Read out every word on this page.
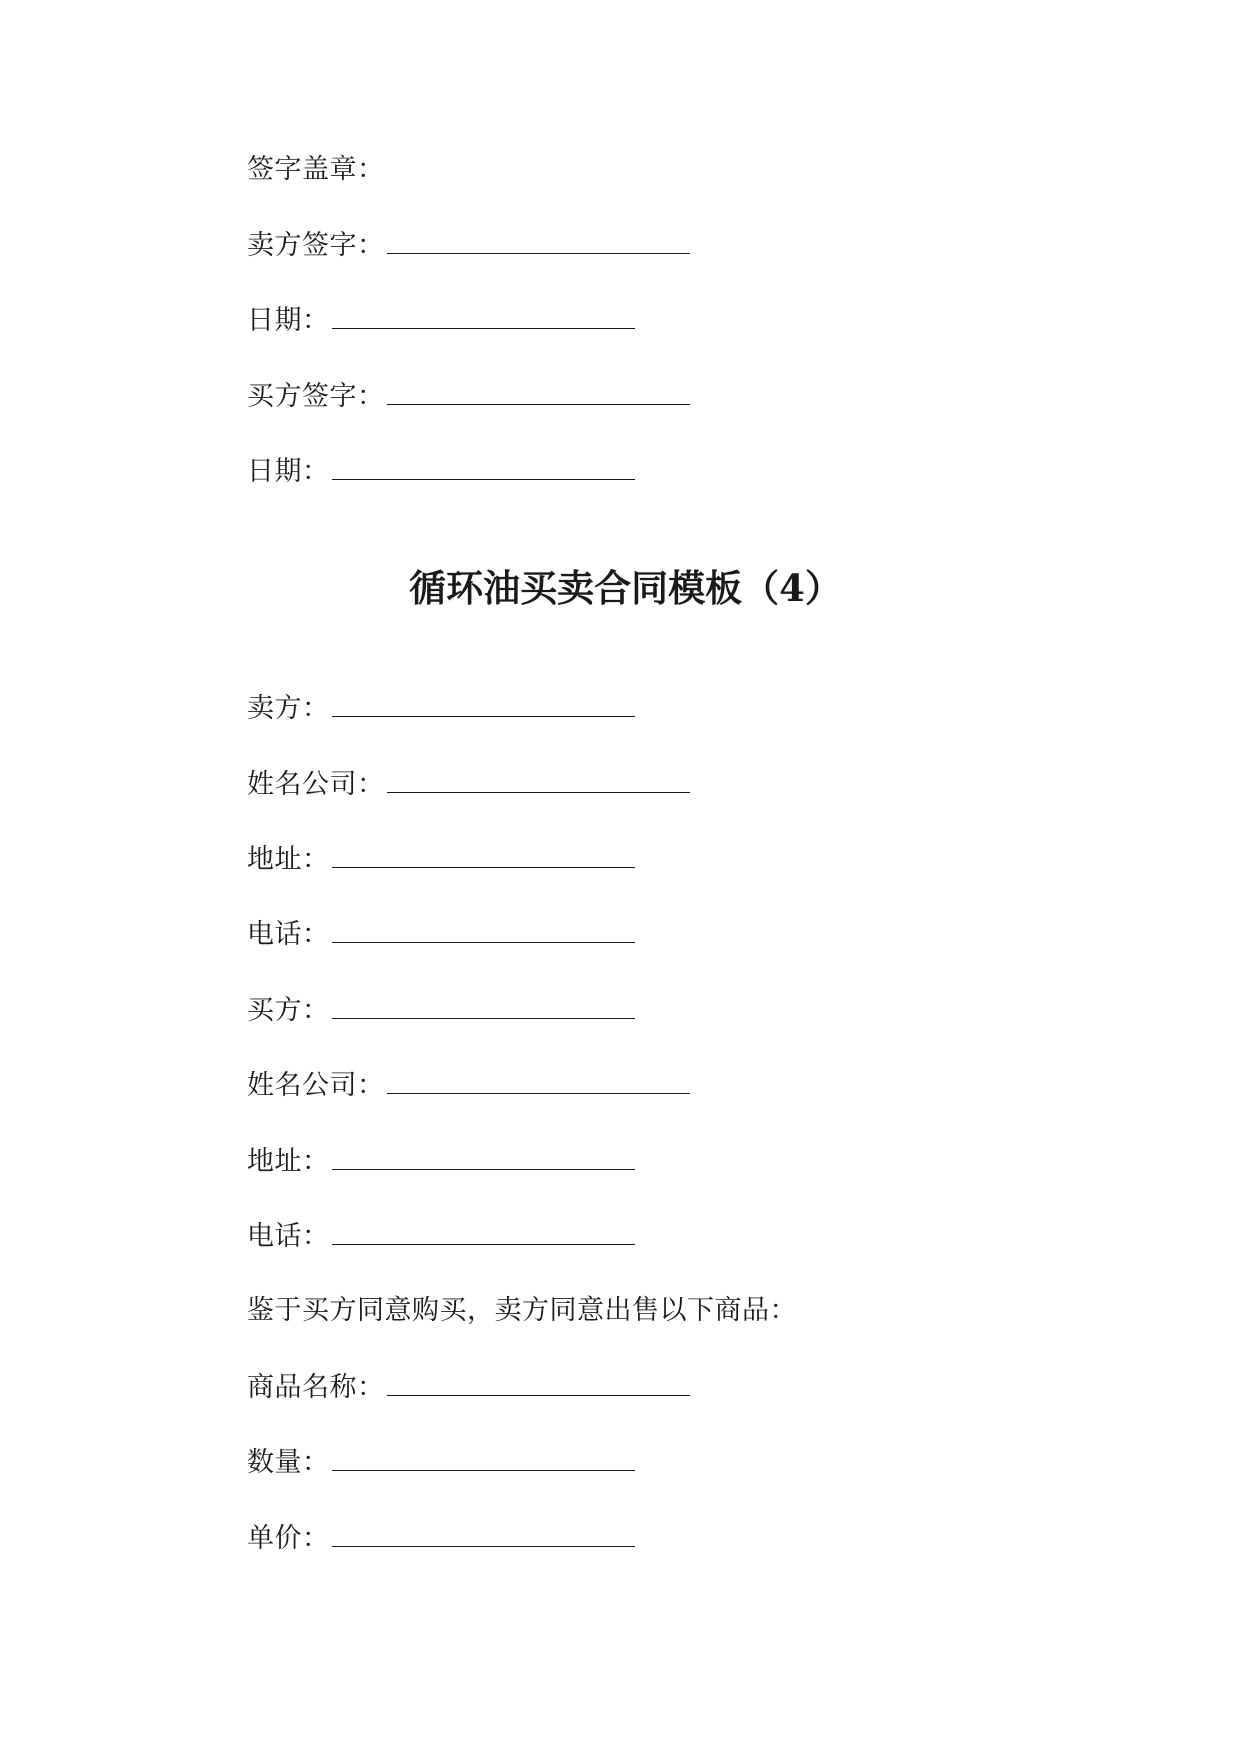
签字盖章：
卖方签字：
日期：
买方签字：
日期：
循环油买卖合同模板（4）
卖方：
姓名公司：
地址：
电话：
买方：
姓名公司：
地址：
电话：
鉴于买方同意购买，卖方同意出售以下商品：
商品名称：
数量：
单价：
